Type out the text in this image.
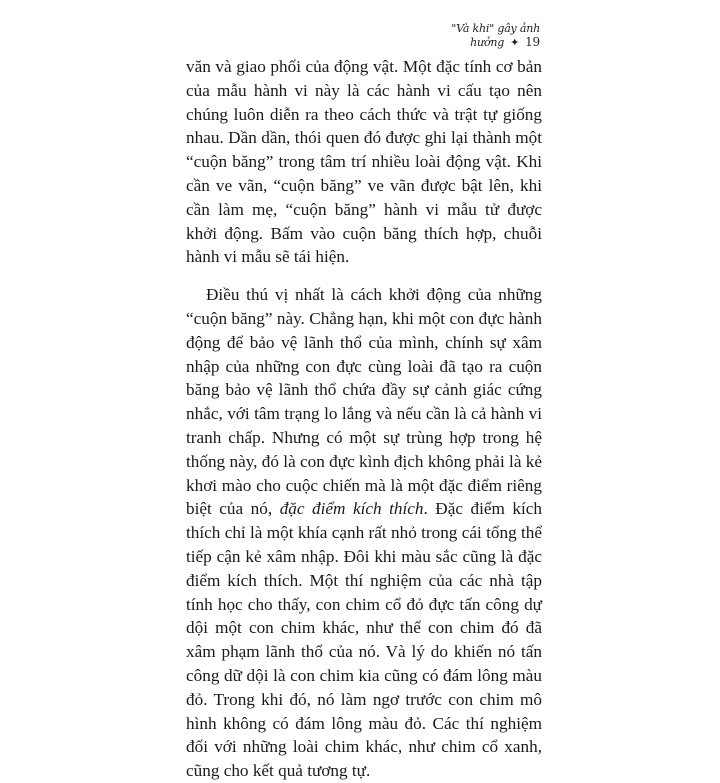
"Và khi" gây ảnh hưởng ✦ 19

văn và giao phối của động vật. Một đặc tính cơ bản của mẫu hành vi này là các hành vi cấu tạo nên chúng luôn diễn ra theo cách thức và trật tự giống nhau. Dần dần, thói quen đó được ghi lại thành một “cuộn băng” trong tâm trí nhiều loài động vật. Khi cần ve vãn, “cuộn băng” ve vãn được bật lên, khi cần làm mẹ, “cuộn băng” hành vi mẫu tử được khởi động. Bấm vào cuộn băng thích hợp, chuỗi hành vi mẫu sẽ tái hiện.

Điều thú vị nhất là cách khởi động của những “cuộn băng” này. Chẳng hạn, khi một con đực hành động để bảo vệ lãnh thổ của mình, chính sự xâm nhập của những con đực cùng loài đã tạo ra cuộn băng bảo vệ lãnh thổ chứa đầy sự cảnh giác cứng nhắc, với tâm trạng lo lắng và nếu cần là cả hành vi tranh chấp. Nhưng có một sự trùng hợp trong hệ thống này, đó là con đực kình địch không phải là kẻ khơi mào cho cuộc chiến mà là một đặc điểm riêng biệt của nó, đặc điểm kích thích. Đặc điểm kích thích chỉ là một khía cạnh rất nhỏ trong cái tổng thể tiếp cận kẻ xâm nhập. Đôi khi màu sắc cũng là đặc điểm kích thích. Một thí nghiệm của các nhà tập tính học cho thấy, con chim cổ đỏ đực tấn công dự dội một con chim khác, như thể con chim đó đã xâm phạm lãnh thổ của nó. Và lý do khiến nó tấn công dữ dội là con chim kia cũng có đám lông màu đỏ. Trong khi đó, nó làm ngơ trước con chim mô hình không có đám lông màu đỏ. Các thí nghiệm đối với những loài chim khác, như chim cổ xanh, cũng cho kết quả tương tự.
